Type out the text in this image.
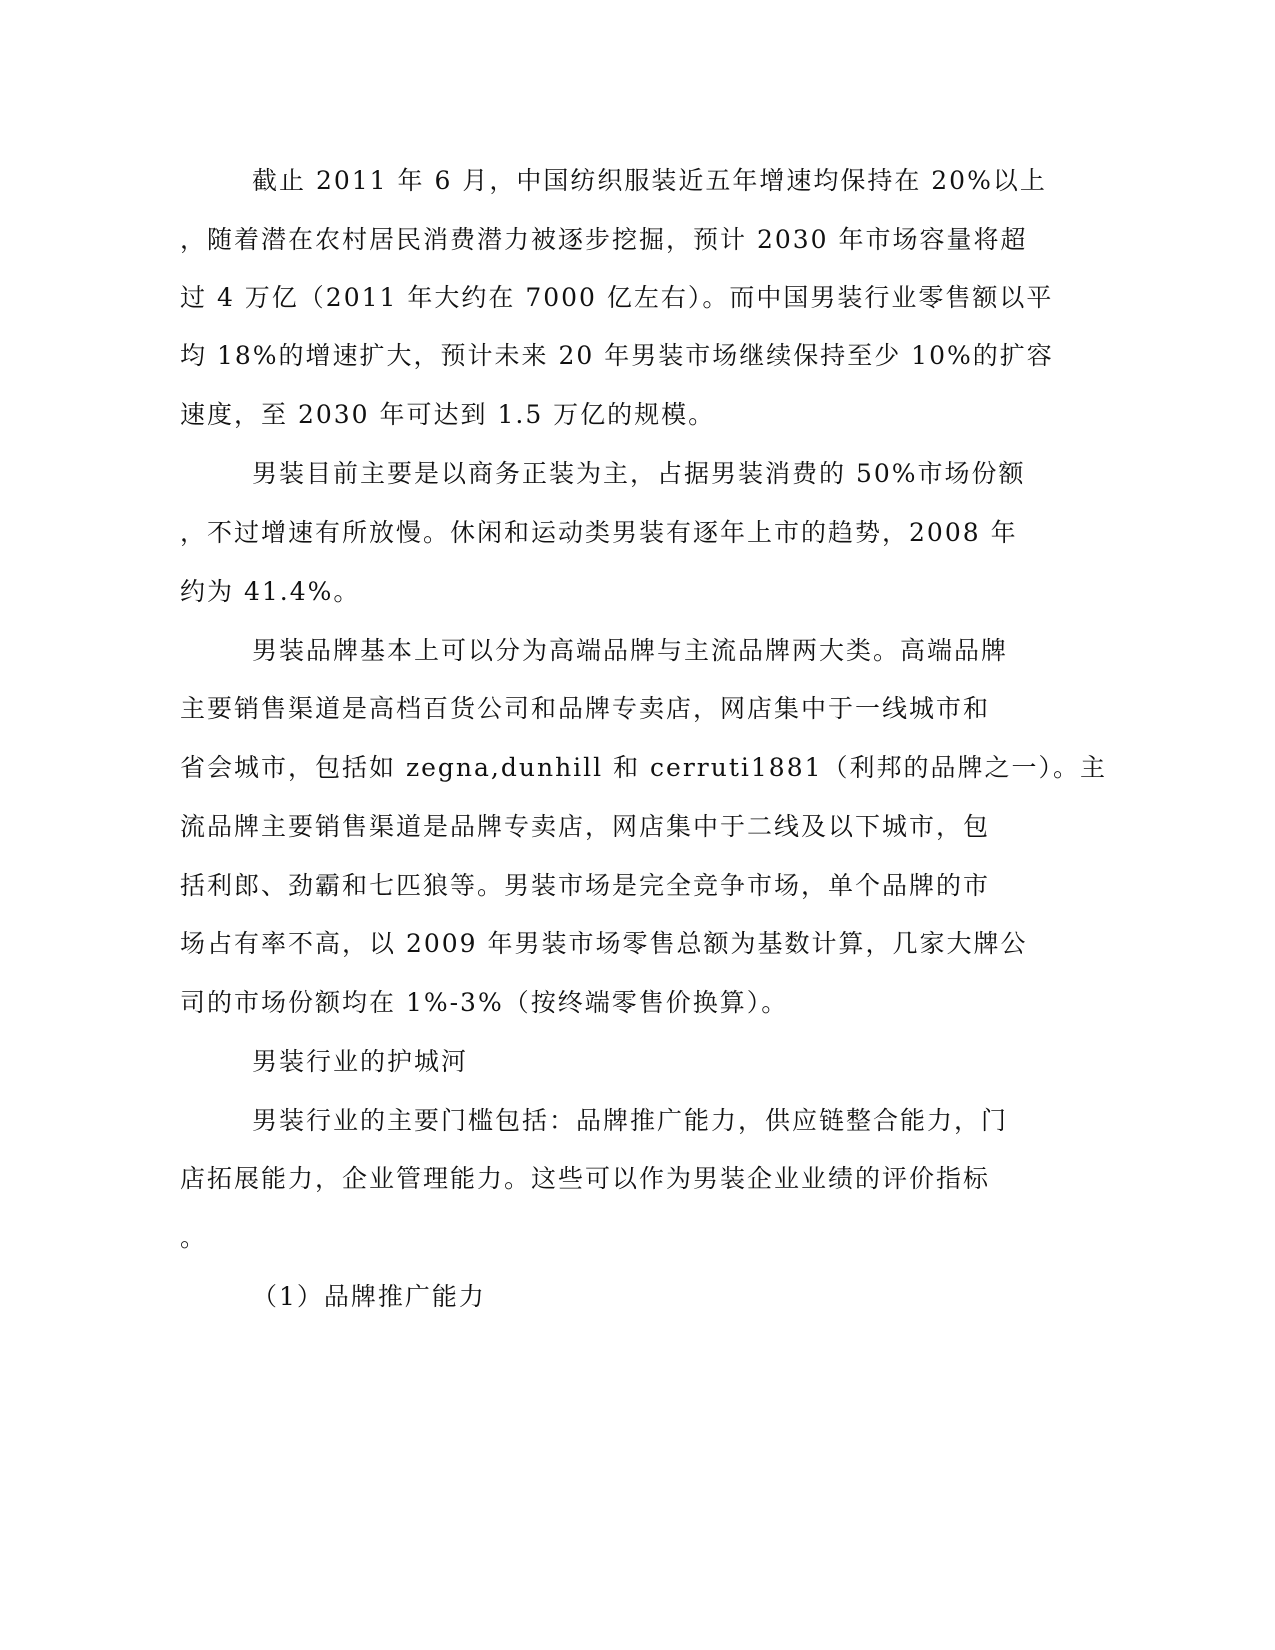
截止 2011 年 6 月，中国纺织服装近五年增速均保持在 20%以上
，随着潜在农村居民消费潜力被逐步挖掘，预计 2030 年市场容量将超
过 4 万亿（2011 年大约在 7000 亿左右）。而中国男装行业零售额以平
均 18%的增速扩大，预计未来 20 年男装市场继续保持至少 10%的扩容
速度，至 2030 年可达到 1.5 万亿的规模。
男装目前主要是以商务正装为主，占据男装消费的 50%市场份额
，不过增速有所放慢。休闲和运动类男装有逐年上市的趋势，2008 年
约为 41.4%。
男装品牌基本上可以分为高端品牌与主流品牌两大类。高端品牌
主要销售渠道是高档百货公司和品牌专卖店，网店集中于一线城市和
省会城市，包括如 zegna,dunhill 和 cerruti1881（利邦的品牌之一）。主
流品牌主要销售渠道是品牌专卖店，网店集中于二线及以下城市，包
括利郎、劲霸和七匹狼等。男装市场是完全竞争市场，单个品牌的市
场占有率不高，以 2009 年男装市场零售总额为基数计算，几家大牌公
司的市场份额均在 1%-3%（按终端零售价换算）。
男装行业的护城河
男装行业的主要门槛包括：品牌推广能力，供应链整合能力，门
店拓展能力，企业管理能力。这些可以作为男装企业业绩的评价指标
。
（1）品牌推广能力
